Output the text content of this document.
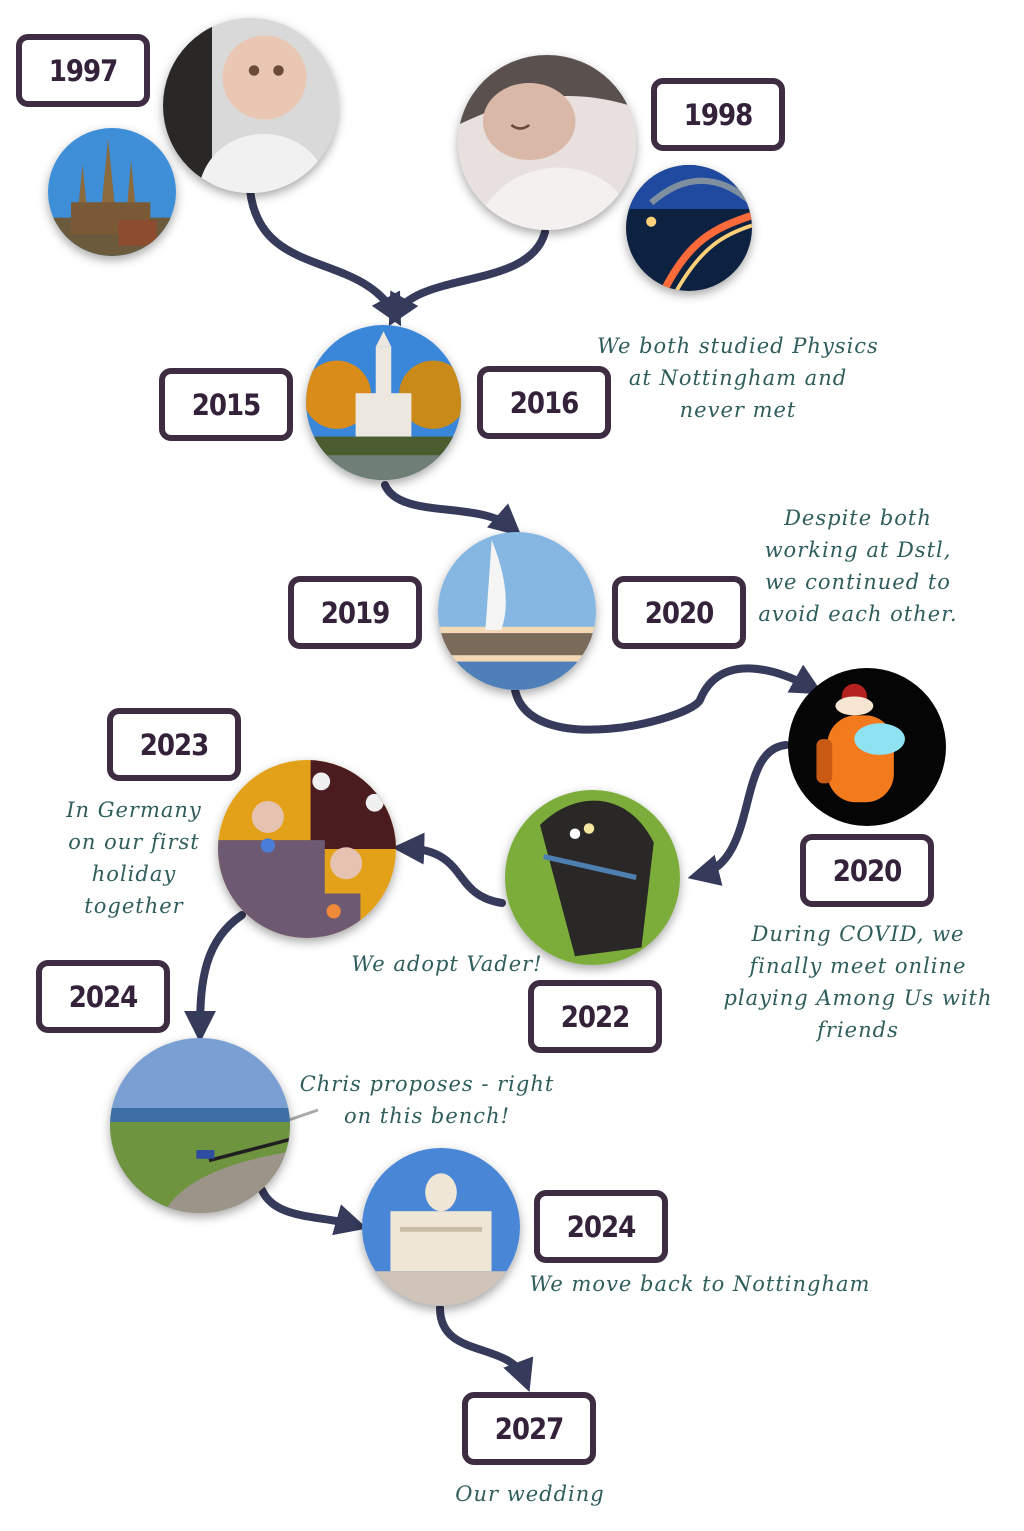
1997
1998
2015	2016
2019	2020
2020
2022
2023
2024
2024
2027
We both studied Physics
at Nottingham and
never met
Despite both
working at Dstl,
we continued to
avoid each other.
During COVID, we
finally meet online
playing Among Us with
friends
We adopt Vader!
In Germany
on our first
holiday
together
Chris proposes - right
on this bench!
We move back to Nottingham
Our wedding
